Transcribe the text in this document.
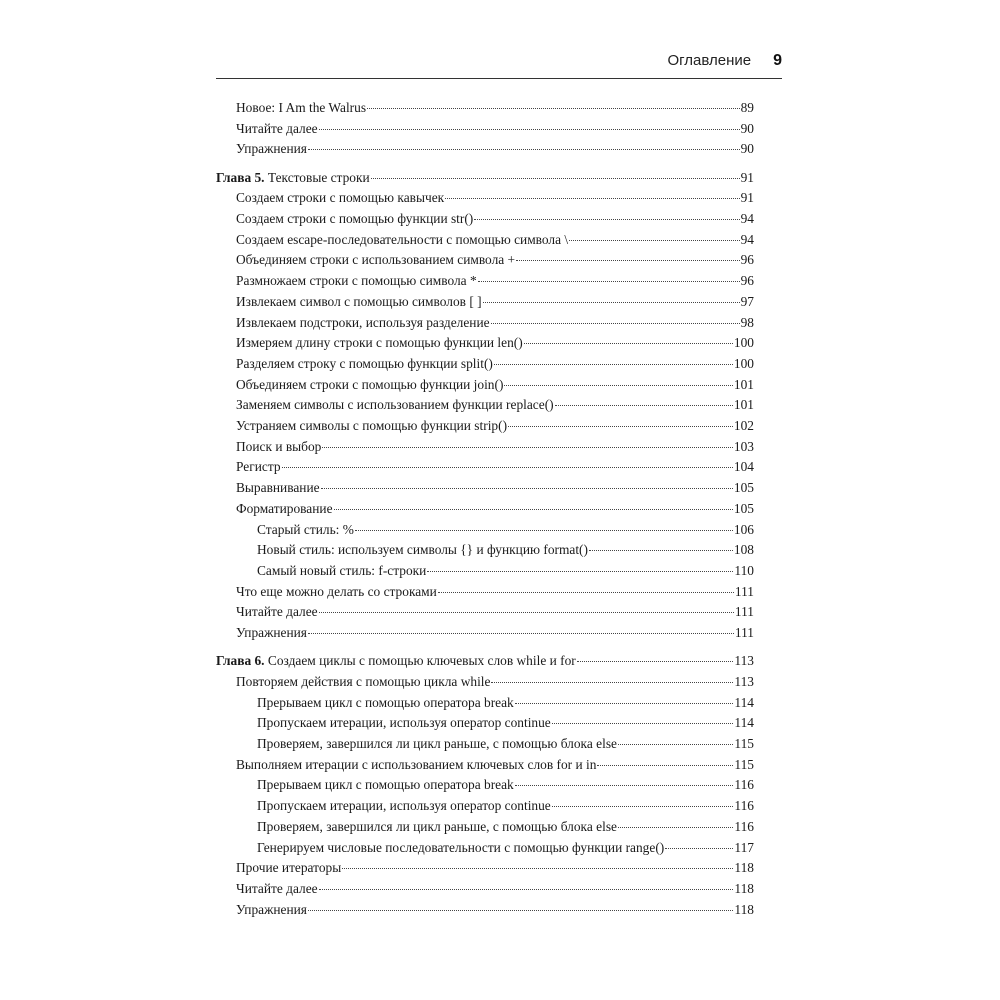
Оглавление 9
Новое: I Am the Walrus	89
Читайте далее	90
Упражнения	90
Глава 5. Текстовые строки	91
Создаем строки с помощью кавычек	91
Создаем строки с помощью функции str()	94
Создаем escape-последовательности с помощью символа \	94
Объединяем строки с использованием символа +	96
Размножаем строки с помощью символа *	96
Извлекаем символ с помощью символов [ ]	97
Извлекаем подстроки, используя разделение	98
Измеряем длину строки с помощью функции len()	100
Разделяем строку с помощью функции split()	100
Объединяем строки с помощью функции join()	101
Заменяем символы с использованием функции replace()	101
Устраняем символы с помощью функции strip()	102
Поиск и выбор	103
Регистр	104
Выравнивание	105
Форматирование	105
Старый стиль: %	106
Новый стиль: используем символы {} и функцию format()	108
Самый новый стиль: f-строки	110
Что еще можно делать со строками	111
Читайте далее	111
Упражнения	111
Глава 6. Создаем циклы с помощью ключевых слов while и for	113
Повторяем действия с помощью цикла while	113
Прерываем цикл с помощью оператора break	114
Пропускаем итерации, используя оператор continue	114
Проверяем, завершился ли цикл раньше, с помощью блока else	115
Выполняем итерации с использованием ключевых слов for и in	115
Прерываем цикл с помощью оператора break	116
Пропускаем итерации, используя оператор continue	116
Проверяем, завершился ли цикл раньше, с помощью блока else	116
Генерируем числовые последовательности с помощью функции range()	117
Прочие итераторы	118
Читайте далее	118
Упражнения	118
